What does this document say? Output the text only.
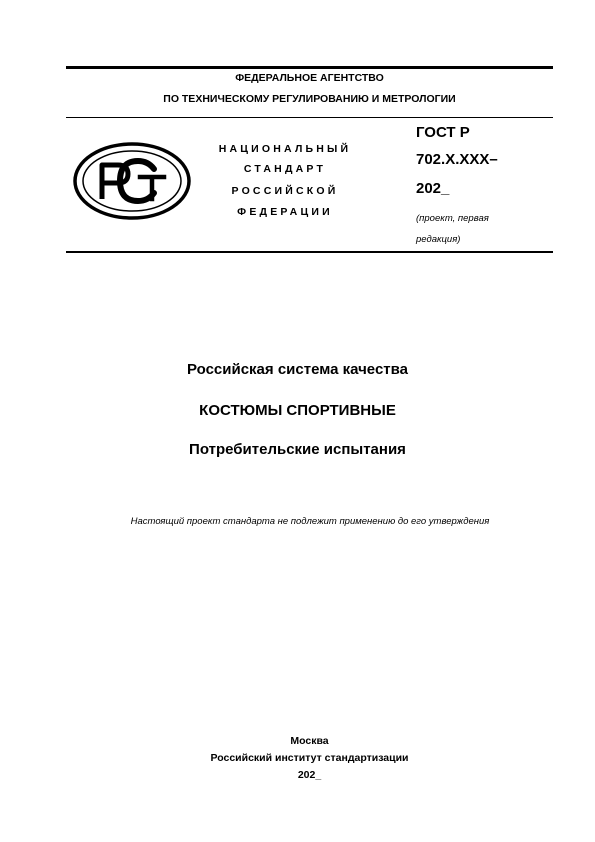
ФЕДЕРАЛЬНОЕ АГЕНТСТВО
ПО ТЕХНИЧЕСКОМУ РЕГУЛИРОВАНИЮ И МЕТРОЛОГИИ
НАЦИОНАЛЬНЫЙ
СТАНДАРТ
РОССИЙСКОЙ
ФЕДЕРАЦИИ
ГОСТ Р
702.X.XXX–
202_
(проект, первая
редакция)
Российская система качества
КОСТЮМЫ СПОРТИВНЫЕ
Потребительские испытания
Настоящий проект стандарта не подлежит применению до его утверждения
Москва
Российский институт стандартизации
202_
